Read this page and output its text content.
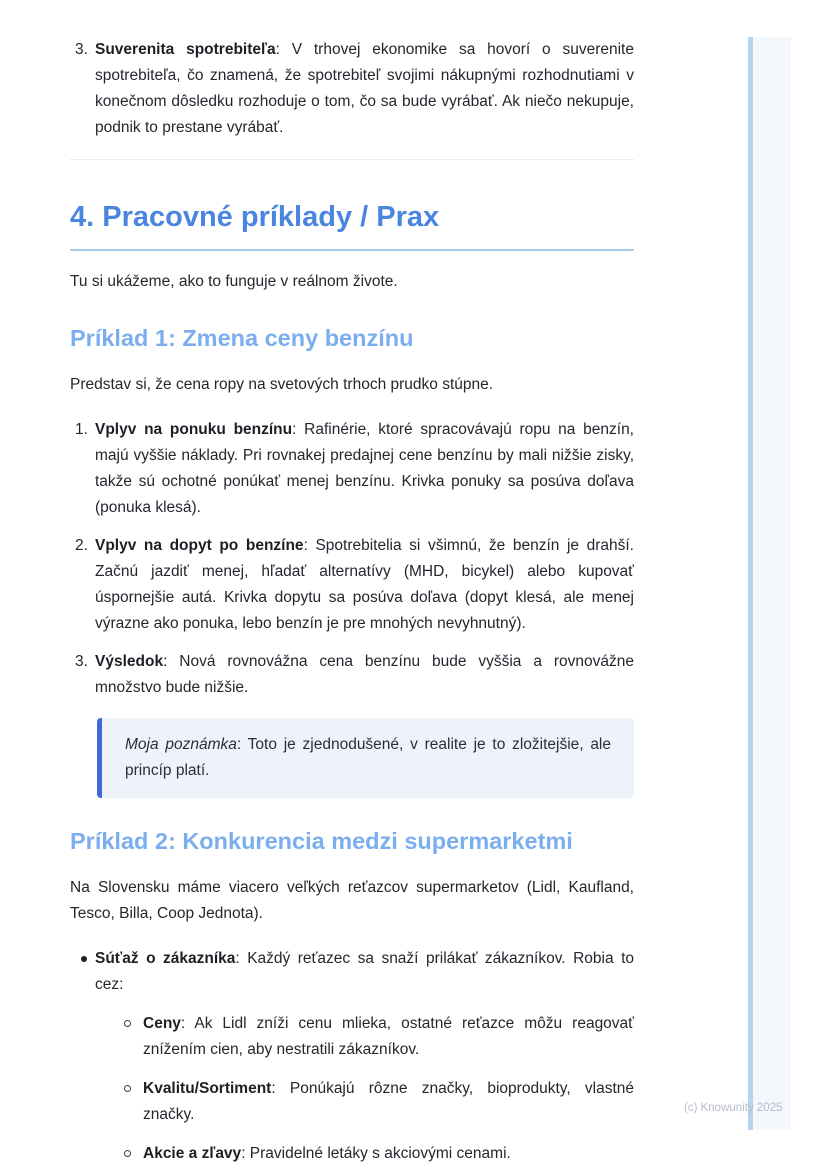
3. Suverenita spotrebiteľa: V trhovej ekonomike sa hovorí o suverenite spotrebiteľa, čo znamená, že spotrebiteľ svojimi nákupnými rozhodnutiami v konečnom dôsledku rozhoduje o tom, čo sa bude vyrábať. Ak niečo nekupuje, podnik to prestane vyrábať.
4. Pracovné príklady / Prax

Tu si ukážeme, ako to funguje v reálnom živote.

Príklad 1: Zmena ceny benzínu

Predstav si, že cena ropy na svetových trhoch prudko stúpne.

1. Vplyv na ponuku benzínu: Rafinérie, ktoré spracovávajú ropu na benzín, majú vyššie náklady. Pri rovnakej predajnej cene benzínu by mali nižšie zisky, takže sú ochotné ponúkať menej benzínu. Krivka ponuky sa posúva doľava (ponuka klesá).
2. Vplyv na dopyt po benzíne: Spotrebitelia si všimnú, že benzín je drahší. Začnú jazdiť menej, hľadať alternatívy (MHD, bicykel) alebo kupovať úspornejšie autá. Krivka dopytu sa posúva doľava (dopyt klesá, ale menej výrazne ako ponuka, lebo benzín je pre mnohých nevyhnutný).
3. Výsledok: Nová rovnovážna cena benzínu bude vyššia a rovnovážne množstvo bude nižšie.

Moja poznámka: Toto je zjednodušené, v realite je to zložitejšie, ale princíp platí.

Príklad 2: Konkurencia medzi supermarketmi

Na Slovensku máme viacero veľkých reťazcov supermarketov (Lidl, Kaufland, Tesco, Billa, Coop Jednota).

Súťaž o zákazníka: Každý reťazec sa snaží prilákať zákazníkov. Robia to cez:
Ceny: Ak Lidl zníži cenu mlieka, ostatné reťazce môžu reagovať znížením cien, aby nestratili zákazníkov.
Kvalitu/Sortiment: Ponúkajú rôzne značky, bioprodukty, vlastné značky.
Akcie a zľavy: Pravidelné letáky s akciovými cenami.
(c) Knowunity 2025
